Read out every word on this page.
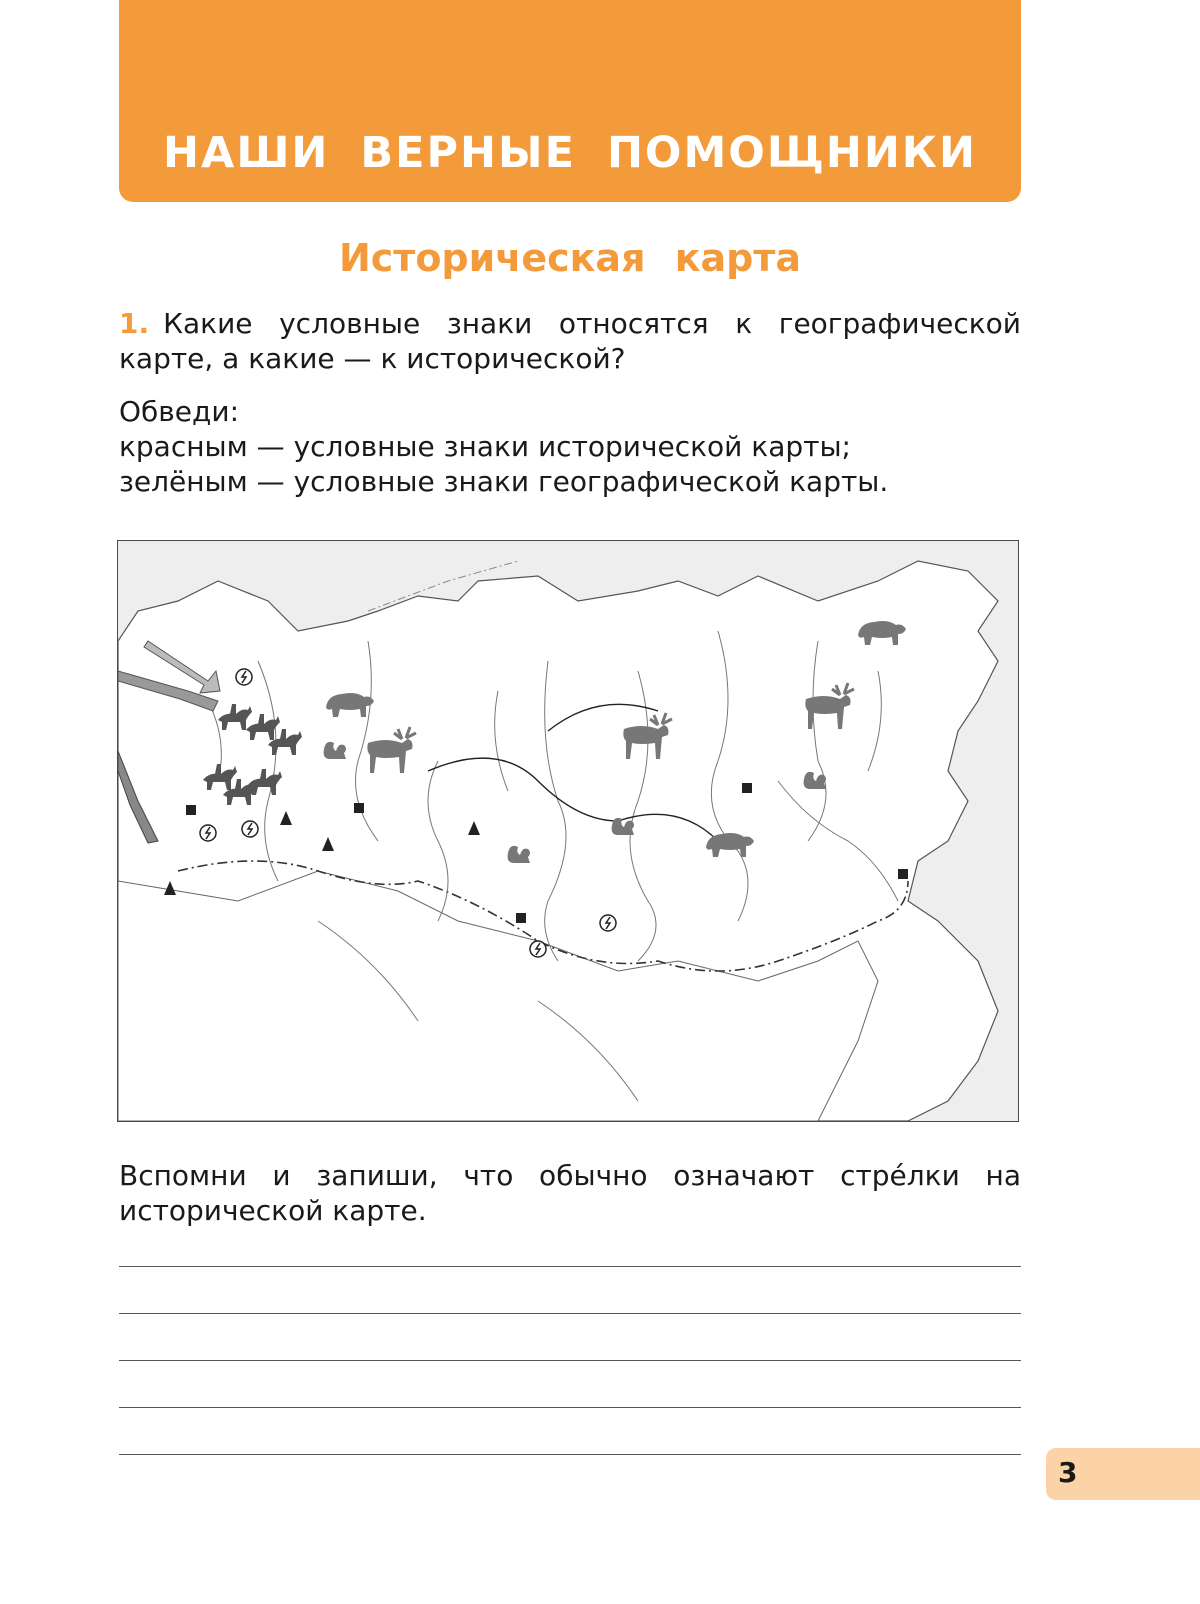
НАШИ ВЕРНЫЕ ПОМОЩНИКИ
Историческая карта
1. Какие условные знаки относятся к географической карте, а какие — к исторической?
Обведи:
красным — условные знаки исторической карты;
зелёным — условные знаки географической карты.
Вспомни и запиши, что обычно означают стре́лки на исторической карте.
3
